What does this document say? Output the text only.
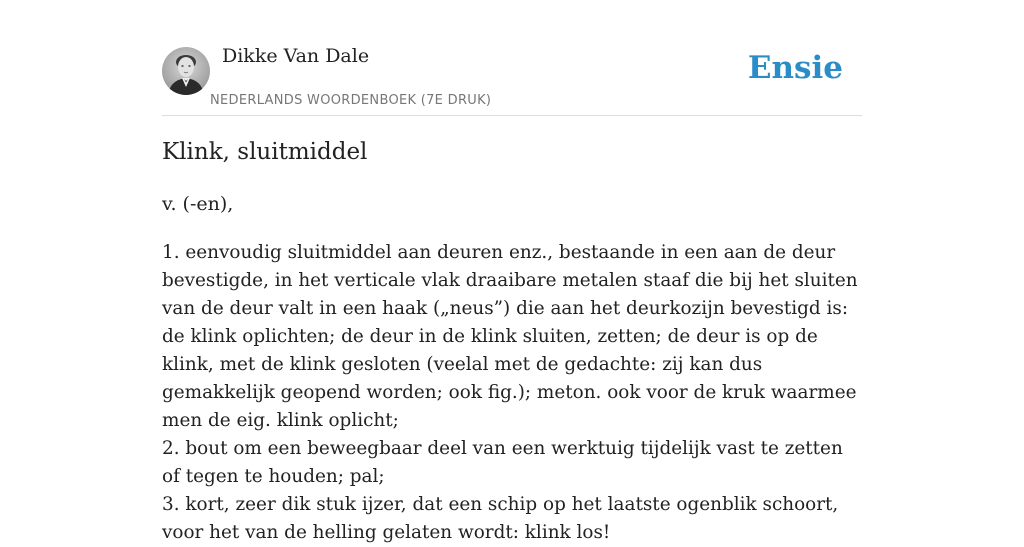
Dikke Van Dale
NEDERLANDS WOORDENBOEK (7E DRUK)
Ensie
Klink, sluitmiddel
v. (-en),

1. eenvoudig sluitmiddel aan deuren enz., bestaande in een aan de deur bevestigde, in het verticale vlak draaibare metalen staaf die bij het sluiten van de deur valt in een haak („neus”) die aan het deurkozijn bevestigd is: de klink oplichten; de deur in de klink sluiten, zetten; de deur is op de klink, met de klink gesloten (veelal met de gedachte: zij kan dus gemakkelijk geopend worden; ook fig.); meton. ook voor de kruk waarmee men de eig. klink oplicht;

2. bout om een beweegbaar deel van een werktuig tijdelijk vast te zetten of tegen te houden; pal;

3. kort, zeer dik stuk ijzer, dat een schip op het laatste ogenblik schoort, voor het van de helling gelaten wordt: klink los!
